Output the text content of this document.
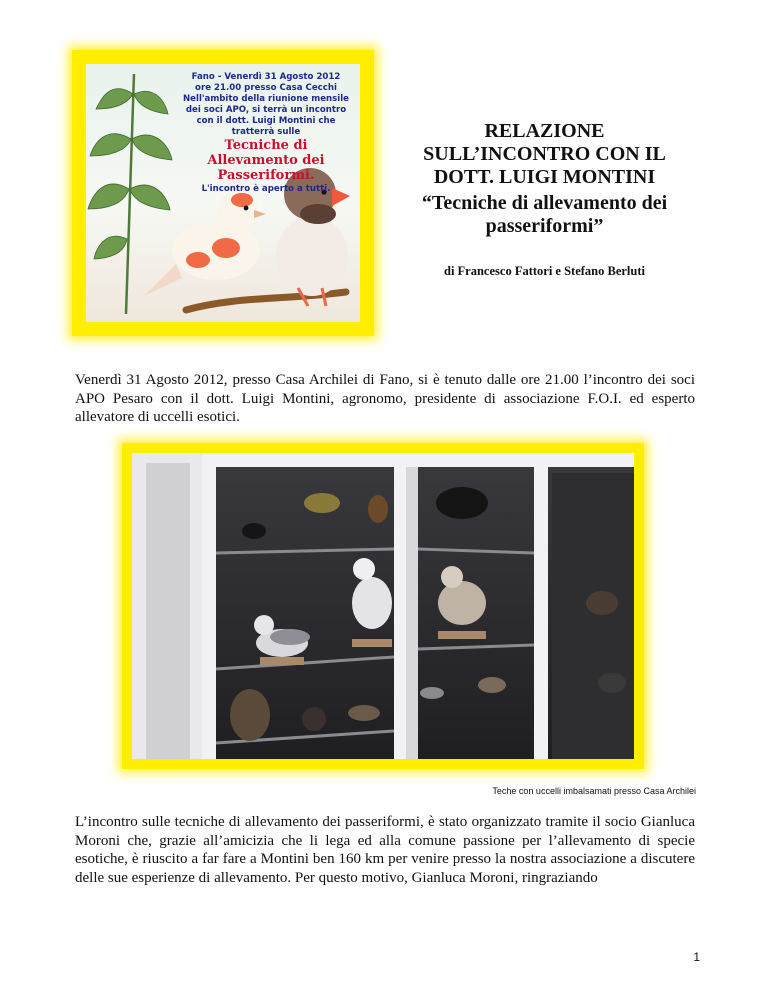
Fano - Venerdì 31 Agosto 2012
ore 21.00 presso Casa Cecchi
Nell'ambito della riunione mensile
dei soci APO, si terrà un incontro
con il dott. Luigi Montini che
tratterrà sulle
Tecniche di
Allevamento dei
Passeriformi.
L'incontro è aperto a tutti.
RELAZIONE
SULL’INCONTRO CON IL
DOTT. LUIGI MONTINI
“Tecniche di allevamento dei
passeriformi”
di Francesco Fattori e Stefano Berluti
Venerdì 31 Agosto 2012, presso Casa Archilei di Fano, si è tenuto dalle ore 21.00 l’incontro dei soci APO Pesaro con il dott. Luigi Montini, agronomo, presidente di associazione F.O.I. ed esperto allevatore di uccelli esotici.
Teche con uccelli imbalsamati presso Casa Archilei
L’incontro sulle tecniche di allevamento dei passeriformi, è stato organizzato tramite il socio Gianluca Moroni che, grazie all’amicizia che li lega ed alla comune passione per l’allevamento di specie esotiche, è riuscito a far fare a Montini ben 160 km per venire presso la nostra associazione a discutere delle sue esperienze di allevamento. Per questo motivo, Gianluca Moroni, ringraziando
1
